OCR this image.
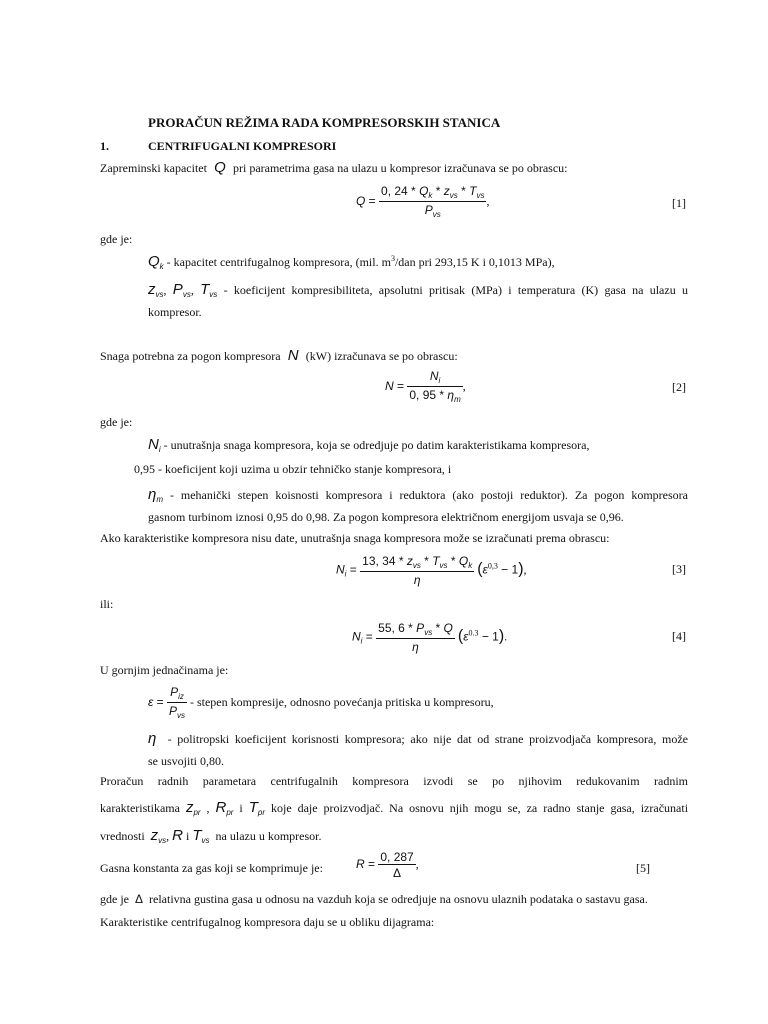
PRORAČUN REŽIMA RADA KOMPRESORSKIH STANICA
1.	CENTRIFUGALNI KOMPRESORI
Zapreminski kapacitet  Q  pri parametrima gasa na ulazu u kompresor izračunava se po obrascu:
$Q = \frac{0, 24 * Q_k * z_{vs} * T_{vs}}{P_{vs}}$ ,	[1]
gde je:
$Q_k$ - kapacitet centrifugalnog kompresora, (mil. $m^3$/dan pri 293,15 K i 0,1013 MPa),
$z_{vs}$, $P_{vs}$, $T_{vs}$ - koeficijent kompresibiliteta, apsolutni pritisak (MPa) i temperatura (K) gasa na ulazu u
kompresor.
Snaga potrebna za pogon kompresora  N  (kW) izračunava se po obrascu:
$N = \frac{N_i}{0, 95 * \eta_m}$ ,	[2]
gde je:
$N_i$ - unutrašnja snaga kompresora, koja se odredjuje po datim karakteristikama kompresora,
0,95 - koeficijent koji uzima u obzir tehničko stanje kompresora, i
$\eta_m$ - mehanički stepen koisnosti kompresora i reduktora (ako postoji reduktor). Za pogon kompresora
gasnom turbinom iznosi 0,95 do 0,98. Za pogon kompresora električnom energijom usvaja se 0,96.
Ako karakteristike kompresora nisu date, unutrašnja snaga kompresora može se izračunati prema obrascu:
$N_i = \frac{13, 34 * z_{vs} * T_{vs} * Q_k}{\eta} (\varepsilon^{0,3} - 1)$,	[3]
ili:
$N_i = \frac{55, 6 * P_{vs} * Q}{\eta} (\varepsilon^{0.3} - 1)$.	[4]
U gornjim jednačinama je:
$\varepsilon = \frac{P_{iz}}{P_{vs}}$ - stepen kompresije, odnosno povećanja pritiska u kompresoru,
η - politropski koeficijent korisnosti kompresora; ako nije dat od strane proizvodjača kompresora, može
se usvojiti 0,80.
Proračun radnih parametara centrifugalnih kompresora izvodi se po njihovim redukovanim radnim
karakteristikama $z_{pr}$ , $R_{pr}$ i $T_{pr}$ koje daje proizvodjač. Na osnovu njih mogu se, za radno stanje gasa, izračunati
vrednosti $z_{vs}$, R i $T_{vs}$ na ulazu u kompresor.
Gasna konstanta za gas koji se komprimuje je:	$R = \frac{0, 287}{\Delta}$ ,	[5]
gde je Δ relativna gustina gasa u odnosu na vazduh koja se odredjuje na osnovu ulaznih podataka o sastavu gasa.
Karakteristike centrifugalnog kompresora daju se u obliku dijagrama:
